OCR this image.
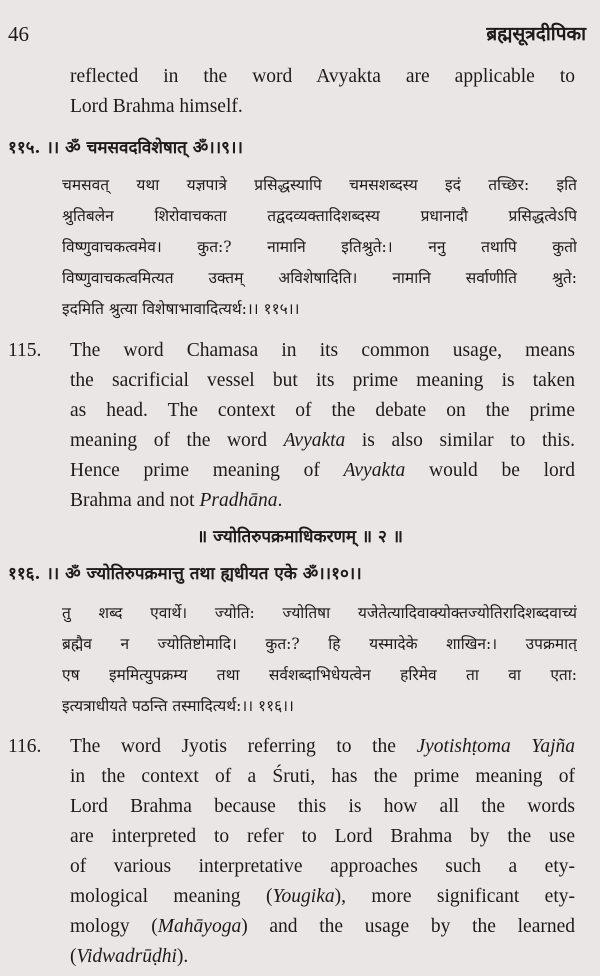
46	ब्रह्मसूत्रदीपिका
reflected in the word Avyakta are applicable to
Lord Brahma himself.
११५. ।। ॐ चमसवदविशेषात् ॐ।।९।।
चमसवत् यथा यज्ञपात्रे प्रसिद्धस्यापि चमसशब्दस्य इदं तच्छिर: इति
श्रुतिबलेन शिरोवाचकता तद्वदव्यक्तादिशब्दस्य प्रधानादौ प्रसिद्धत्वेऽपि
विष्णुवाचकत्वमेव। कुत:? नामानि इतिश्रुते:। ननु तथापि कुतो
विष्णुवाचकत्वमित्यत उक्तम् अविशेषादिति। नामानि सर्वाणीति श्रुते:
इदमिति श्रुत्या विशेषाभावादित्यर्थ:।। ११५।।
115. The word Chamasa in its common usage, means
the sacrificial vessel but its prime meaning is taken
as head. The context of the debate on the prime
meaning of the word Avyakta is also similar to this.
Hence prime meaning of Avyakta would be lord
Brahma and not Pradhāna.
॥ ज्योतिरुपक्रमाधिकरणम् ॥ २ ॥
११६. ।। ॐ ज्योतिरुपक्रमात्तु तथा ह्यधीयत एके ॐ।।१०।।
तु शब्द एवार्थे। ज्योति: ज्योतिषा यजेतेत्यादिवाक्योक्तज्योतिरादिशब्दवाच्यं
ब्रह्मैव न ज्योतिष्टोमादि। कुत:? हि यस्मादेके शाखिन:। उपक्रमात्
एष इममित्युपक्रम्य तथा सर्वशब्दाभिधेयत्वेन हरिमेव ता वा एता:
इत्यत्राधीयते पठन्ति तस्मादित्यर्थ:।। ११६।।
116. The word Jyotis referring to the Jyotishṭoma Yajña
in the context of a Śruti, has the prime meaning of
Lord Brahma because this is how all the words
are interpreted to refer to Lord Brahma by the use
of various interpretative approaches such a ety-
mological meaning (Yougika), more significant ety-
mology (Mahāyoga) and the usage by the learned
(Vidwadrūḍhi).
